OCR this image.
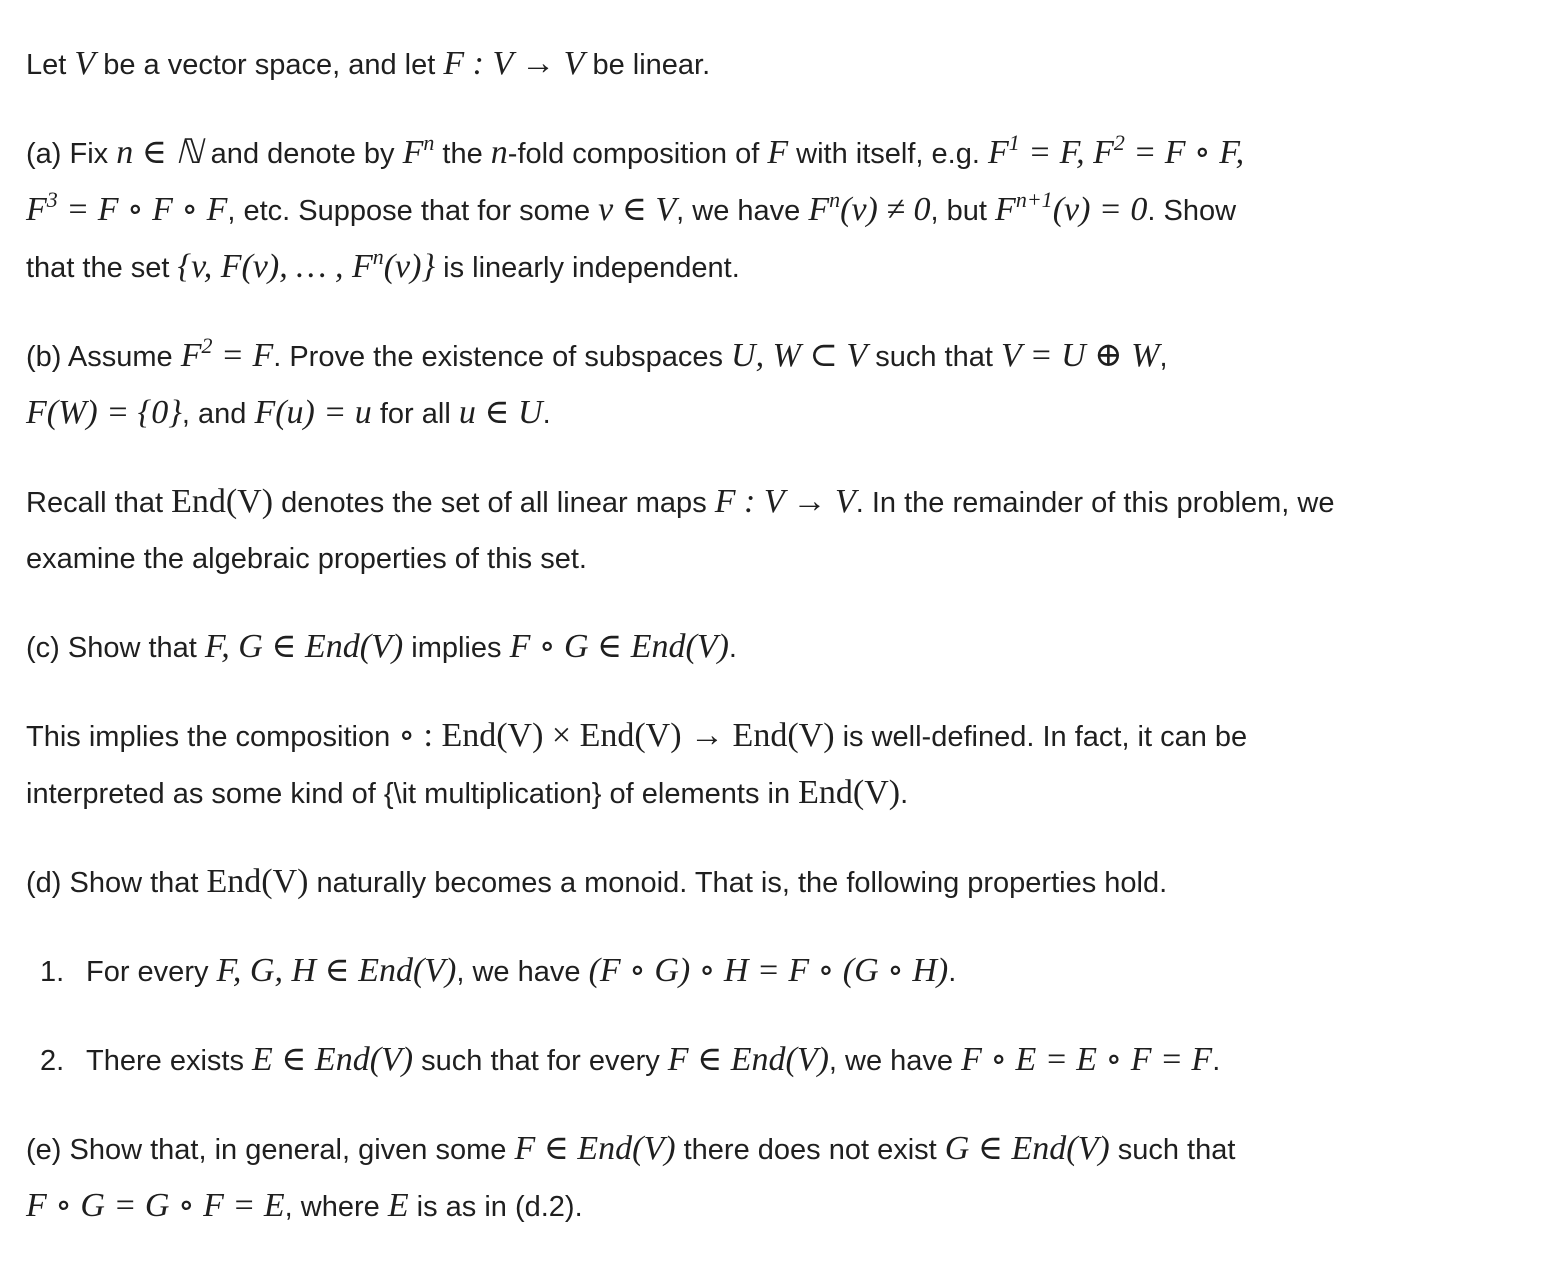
Let V be a vector space, and let F : V → V be linear.

(a) Fix n ∈ ℕ and denote by $F^n$ the n-fold composition of F with itself, e.g. $F^1 = F$, $F^2 = F$ ∘ F,
$F^3 = F$ ∘ F ∘ F, etc. Suppose that for some v ∈ V, we have $F^n(v) \ne 0$, but $F^{n+1}(v) = 0$. Show
that the set {v, F(v), … , $F^n(v)$} is linearly independent.

(b) Assume $F^2 = F$. Prove the existence of subspaces U, W ⊂ V such that V = U ⊕ W,
F(W) = {0}, and F(u) = u for all u ∈ U.

Recall that End(V) denotes the set of all linear maps F : V → V. In the remainder of this problem, we
examine the algebraic properties of this set.

(c) Show that F, G ∈ End(V) implies F ∘ G ∈ End(V).

This implies the composition ∘ : End(V) × End(V) → End(V) is well-defined. In fact, it can be
interpreted as some kind of {\it multiplication} of elements in End(V).

(d) Show that End(V) naturally becomes a monoid. That is, the following properties hold.

1. For every F, G, H ∈ End(V), we have (F ∘ G) ∘ H = F ∘ (G ∘ H).
2. There exists E ∈ End(V) such that for every F ∈ End(V), we have F ∘ E = E ∘ F = F.

(e) Show that, in general, given some F ∈ End(V) there does not exist G ∈ End(V) such that
F ∘ G = G ∘ F = E, where E is as in (d.2).
